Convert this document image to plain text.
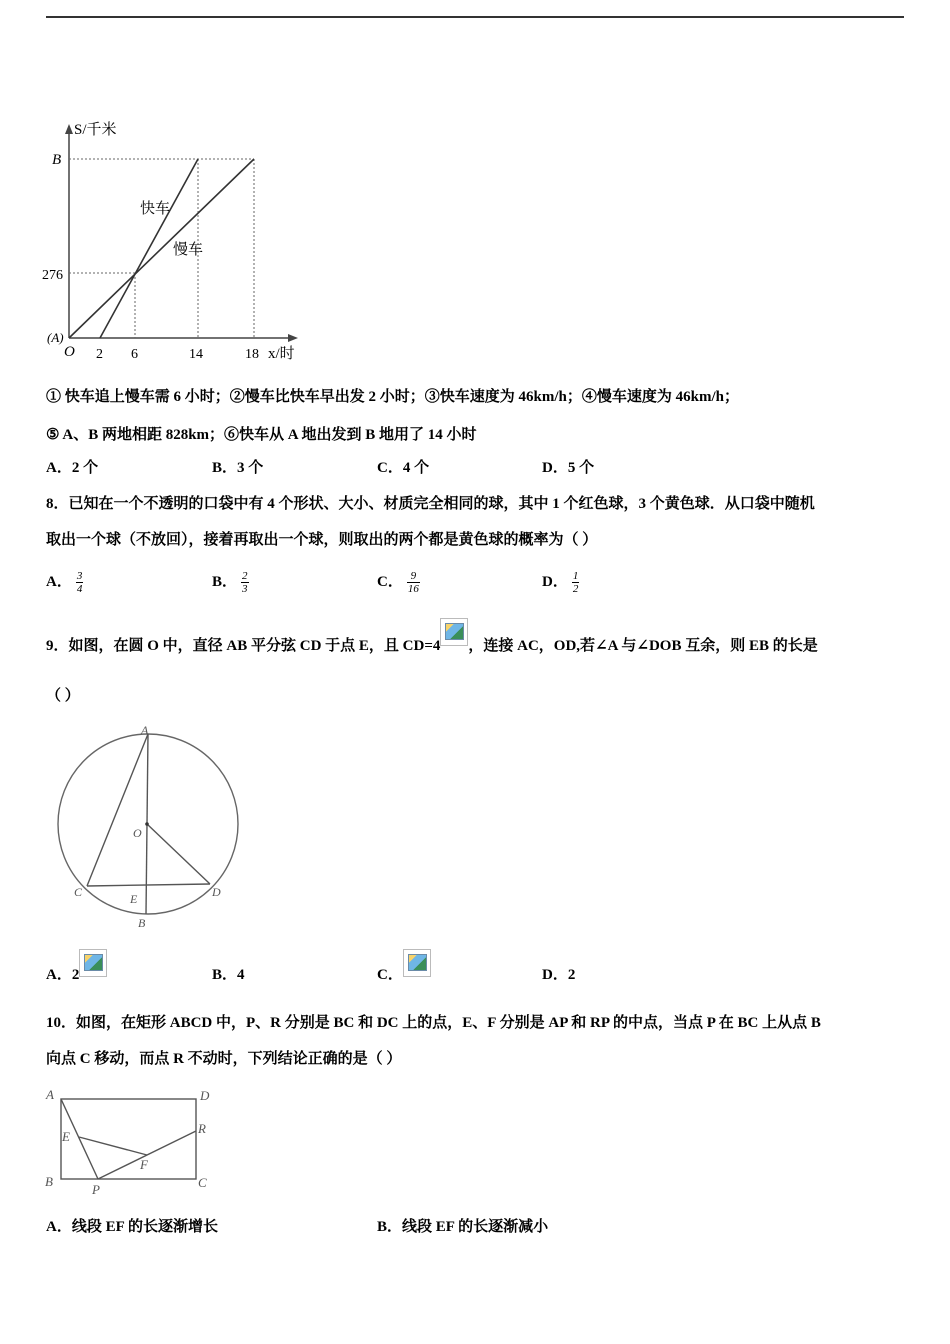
S/千米
B
276
(A)
O 2 6	14	18 x/时
快车
慢车
① 快车追上慢车需 6 小时；②慢车比快车早出发 2 小时；③快车速度为 46km/h；④慢车速度为 46km/h；
⑤ A、B 两地相距 828km；⑥快车从 A 地出发到 B 地用了 14 小时
A．2 个	B．3 个	C．4 个	D．5 个
8．已知在一个不透明的口袋中有 4 个形状、大小、材质完全相同的球，其中 1 个红色球，3 个黄色球．从口袋中随机
取出一个球（不放回），接着再取出一个球，则取出的两个都是黄色球的概率为（ ）
A． $\frac{3}{4}$	B． $\frac{2}{3}$	C． $\frac{9}{16}$	D． $\frac{1}{2}$
9．如图，在圆 O 中，直径 AB 平分弦 CD 于点 E，且 CD=4 ，连接 AC，OD,若∠A 与∠DOB 互余，则 EB 的长是
（ ）
A
O
C	D
E
B
A．2	B．4	C．	D．2
10．如图，在矩形 ABCD 中，P、R 分别是 BC 和 DC 上的点，E、F 分别是 AP 和 RP 的中点，当点 P 在 BC 上从点 B
向点 C 移动，而点 R 不动时，下列结论正确的是（ ）
A	D
E
R
F
B
P	C
A．线段 EF 的长逐渐增长	B．线段 EF 的长逐渐减小
